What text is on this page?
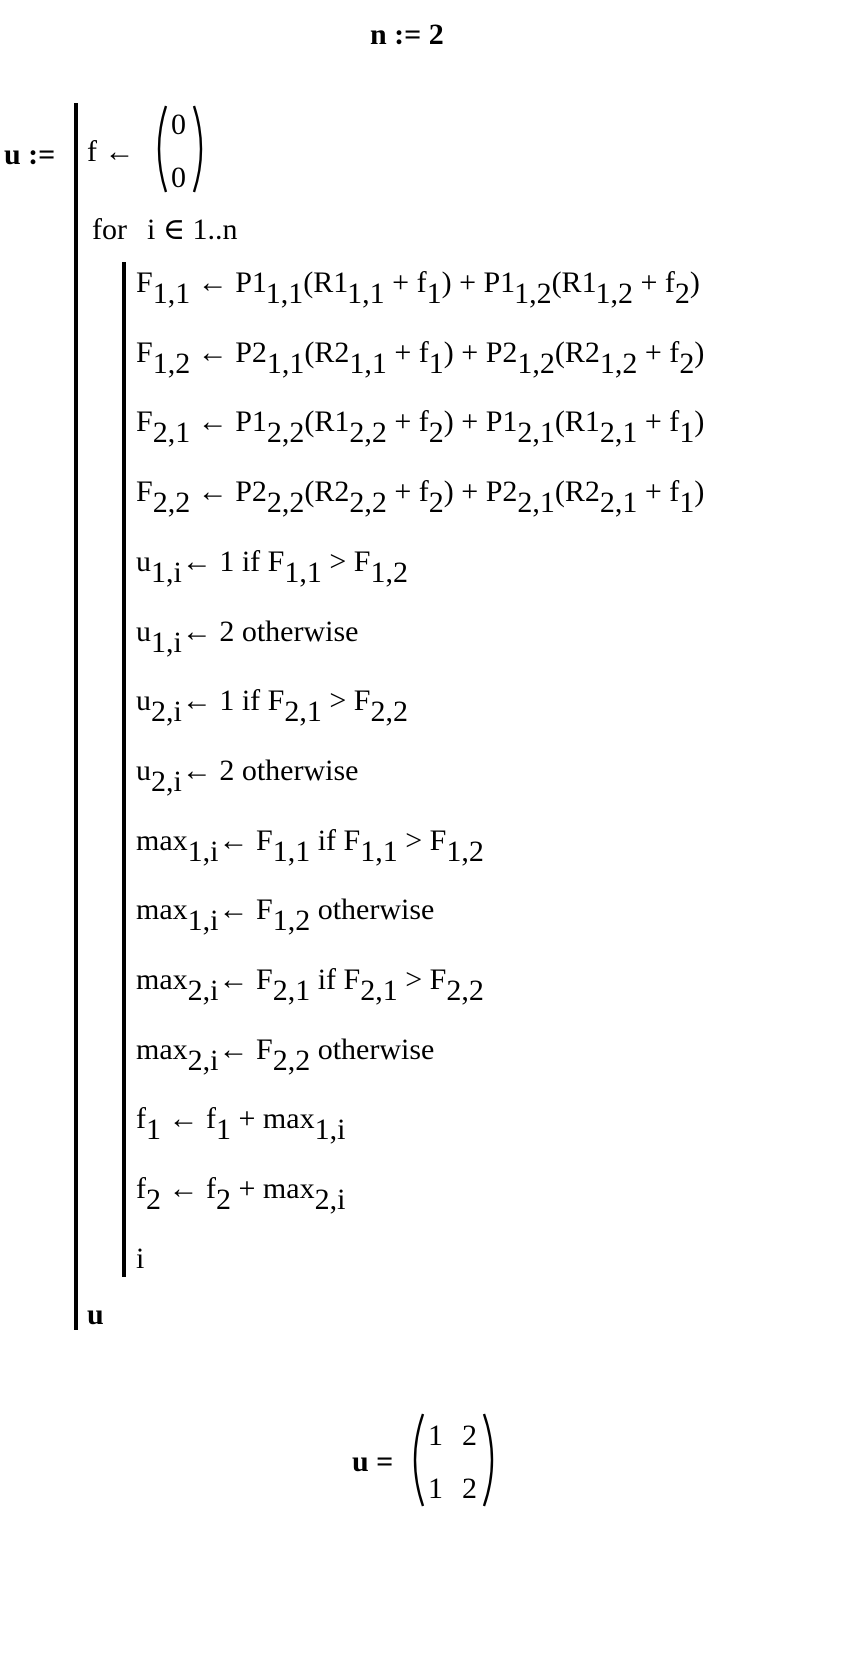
n := 2
u := f ←
0
0
for i ∈ 1..n
F1,1 ← P11,1(R11,1 + f1) + P11,2(R11,2 + f2)
F1,2 ← P21,1(R21,1 + f1) + P21,2(R21,2 + f2)
F2,1 ← P12,2(R12,2 + f2) + P12,1(R12,1 + f1)
F2,2 ← P22,2(R22,2 + f2) + P22,1(R22,1 + f1)
u1,i← 1 if F1,1 > F1,2
u1,i← 2 otherwise
u2,i← 1 if F2,1 > F2,2
u2,i← 2 otherwise
max1,i← F1,1 if F1,1 > F1,2
max1,i← F1,2 otherwise
max2,i← F2,1 if F2,1 > F2,2
max2,i← F2,2 otherwise
f1 ← f1 + max1,i
f2 ← f2 + max2,i
i
u
u =
1 2
1 2
